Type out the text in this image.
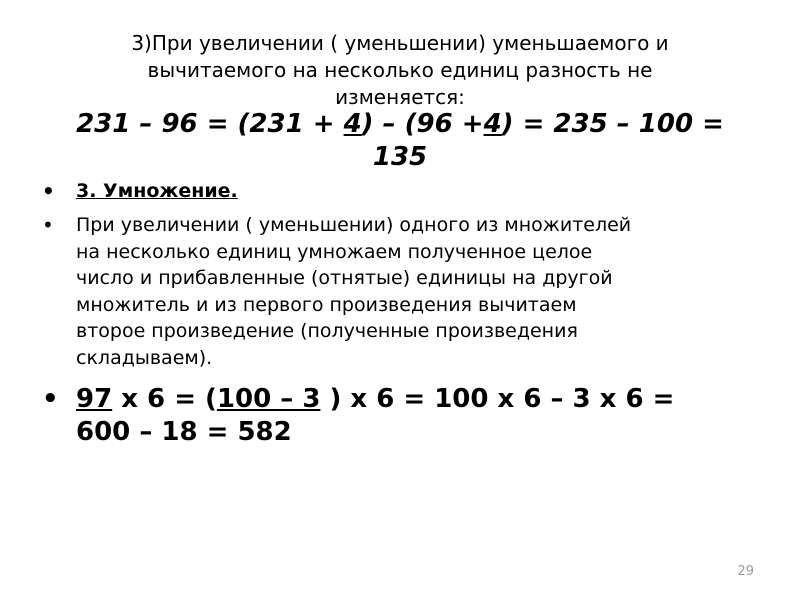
3)При увеличении ( уменьшении) уменьшаемого и
вычитаемого на несколько единиц разность не
изменяется:
231 – 96 = (231 + 4) – (96 +4) = 235 – 100 =
135
• 3. Умножение.
• При увеличении ( уменьшении) одного из множителей
на несколько единиц умножаем полученное целое
число и прибавленные (отнятые) единицы на другой
множитель и из первого произведения вычитаем
второе произведение (полученные произведения
складываем).
• 97 х 6 = (100 – 3 ) х 6 = 100 х 6 – 3 х 6 =
600 – 18 = 582
29
